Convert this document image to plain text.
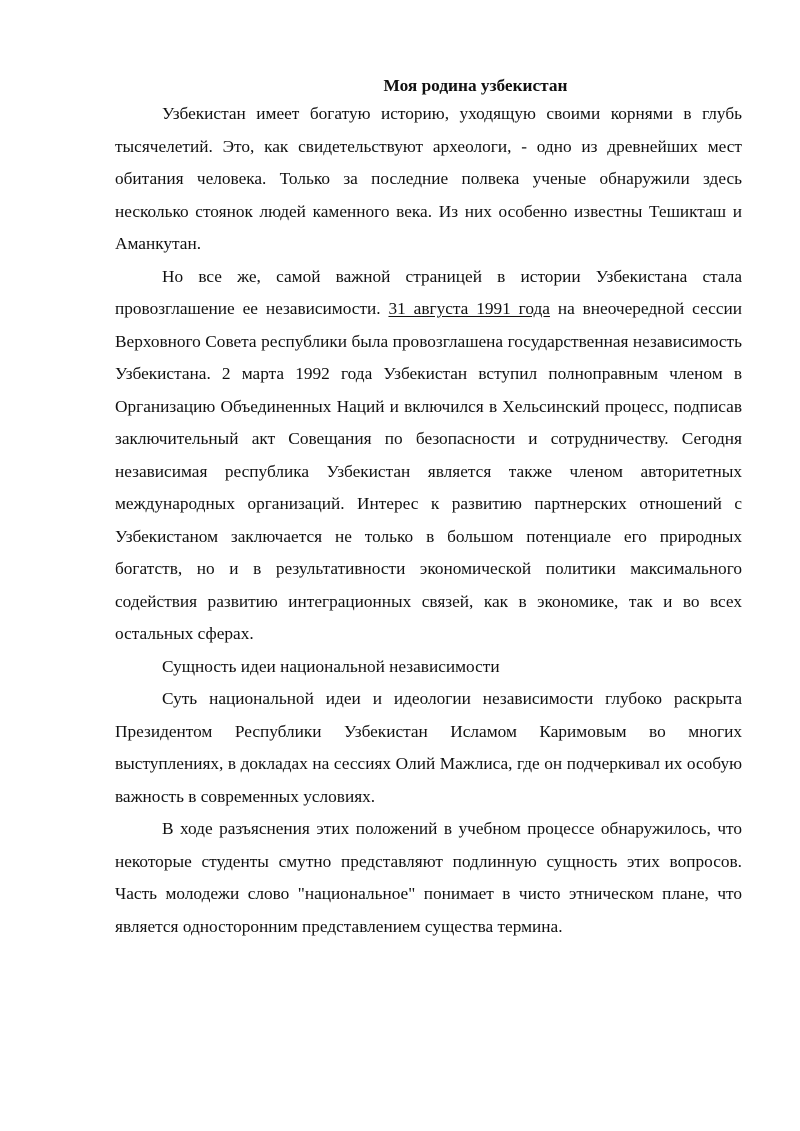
Моя родина узбекистан

Узбекистан имеет богатую историю, уходящую своими корнями в глубь тысячелетий. Это, как свидетельствуют археологи, - одно из древнейших мест обитания человека. Только за последние полвека ученые обнаружили здесь несколько стоянок людей каменного века. Из них особенно известны Тешикташ и Аманкутан.

Но все же, самой важной страницей в истории Узбекистана стала провозглашение ее независимости. 31 августа 1991 года на внеочередной сессии Верховного Совета республики была провозглашена государственная независимость Узбекистана. 2 марта 1992 года Узбекистан вступил полноправным членом в Организацию Объединенных Наций и включился в Хельсинский процесс, подписав заключительный акт Совещания по безопасности и сотрудничеству. Сегодня независимая республика Узбекистан является также членом авторитетных международных организаций. Интерес к развитию партнерских отношений с Узбекистаном заключается не только в большом потенциале его природных богатств, но и в результативности экономической политики максимального содействия развитию интеграционных связей, как в экономике, так и во всех остальных сферах.

Сущность идеи национальной независимости

Суть национальной идеи и идеологии независимости глубоко раскрыта Президентом Республики Узбекистан Исламом Каримовым во многих выступлениях, в докладах на сессиях Олий Мажлиса, где он подчеркивал их особую важность в современных условиях.

В ходе разъяснения этих положений в учебном процессе обнаружилось, что некоторые студенты смутно представляют подлинную сущность этих вопросов. Часть молодежи слово "национальное" понимает в чисто этническом плане, что является односторонним представлением существа термина.
